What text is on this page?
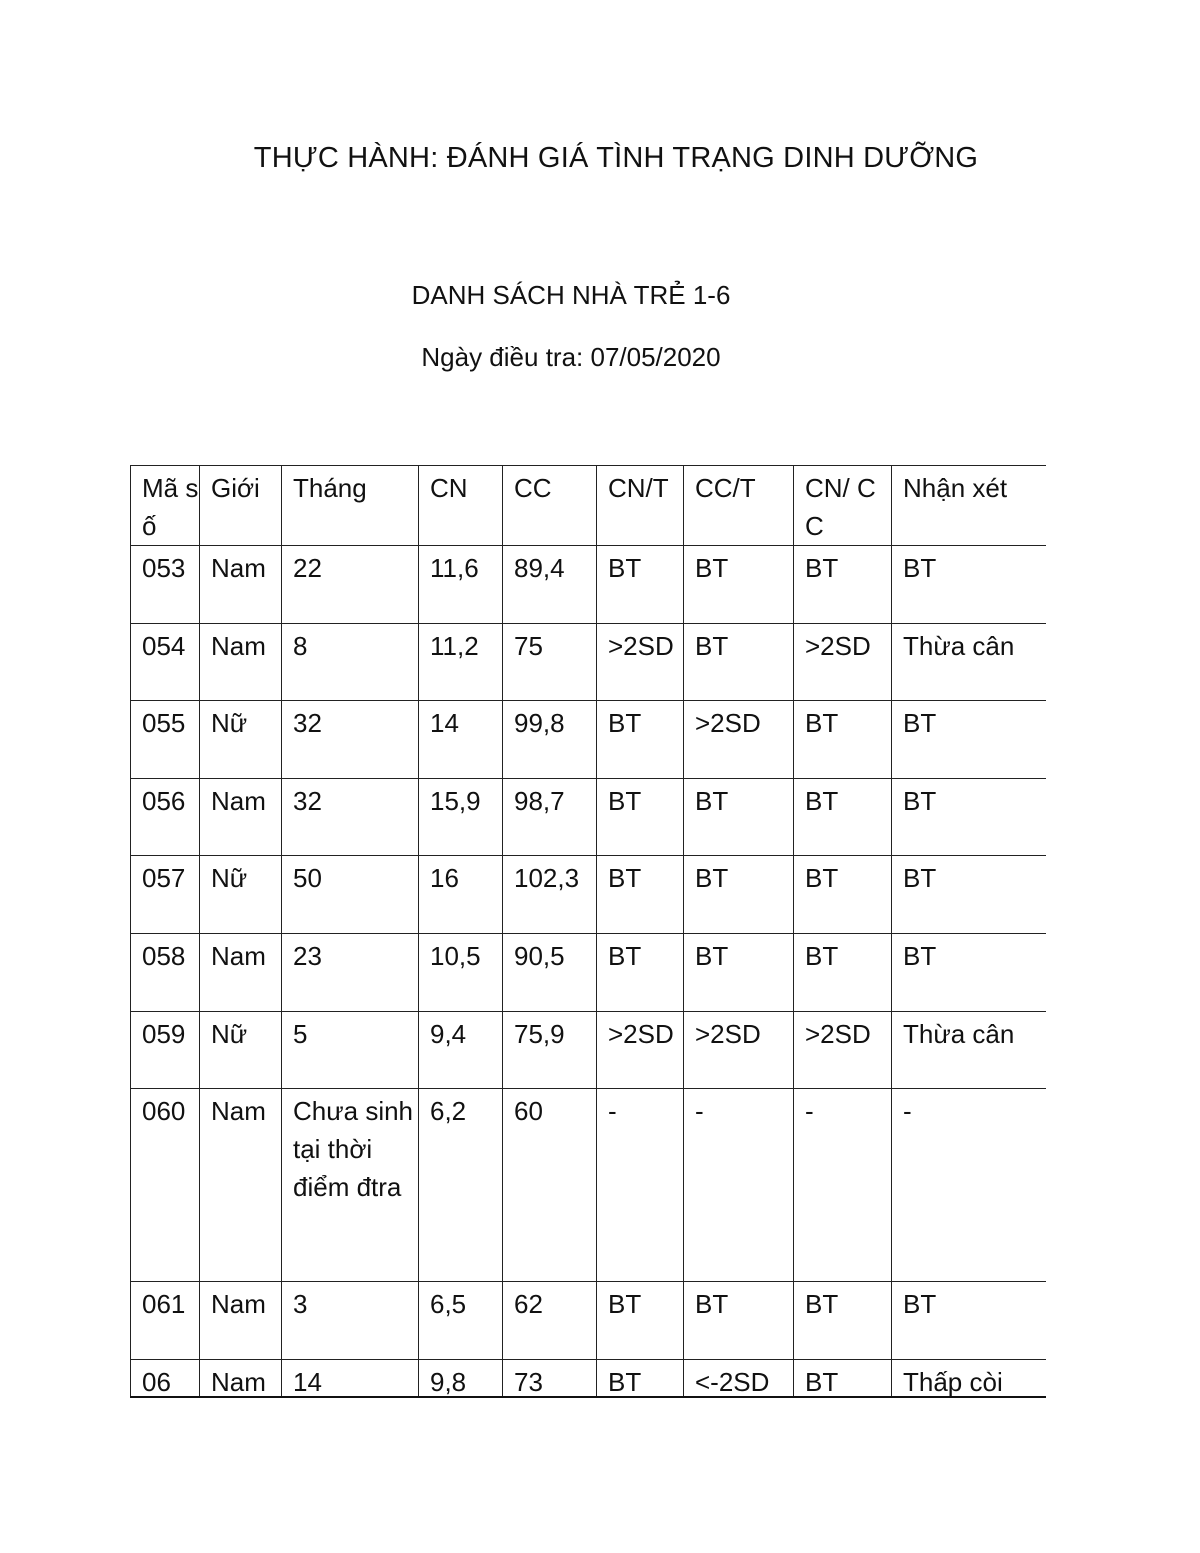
THỰC HÀNH: ĐÁNH GIÁ TÌNH TRẠNG DINH DƯỠNG
DANH SÁCH NHÀ TRẺ 1-6
Ngày điều tra: 07/05/2020
Mã số	Giới	Tháng	CN	CC	CN/T	CC/T	CN/ CC	Nhận xét
053	Nam	22	11,6	89,4	BT	BT	BT	BT
054	Nam	8	11,2	75	>2SD	BT	>2SD	Thừa cân
055	Nữ	32	14	99,8	BT	>2SD	BT	BT
056	Nam	32	15,9	98,7	BT	BT	BT	BT
057	Nữ	50	16	102,3	BT	BT	BT	BT
058	Nam	23	10,5	90,5	BT	BT	BT	BT
059	Nữ	5	9,4	75,9	>2SD	>2SD	>2SD	Thừa cân
060	Nam	Chưa sinh tại thời điểm đtra	6,2	60	-	-	-	-
061	Nam	3	6,5	62	BT	BT	BT	BT
06	Nam	14	9,8	73	BT	<-2SD	BT	Thấp còi
